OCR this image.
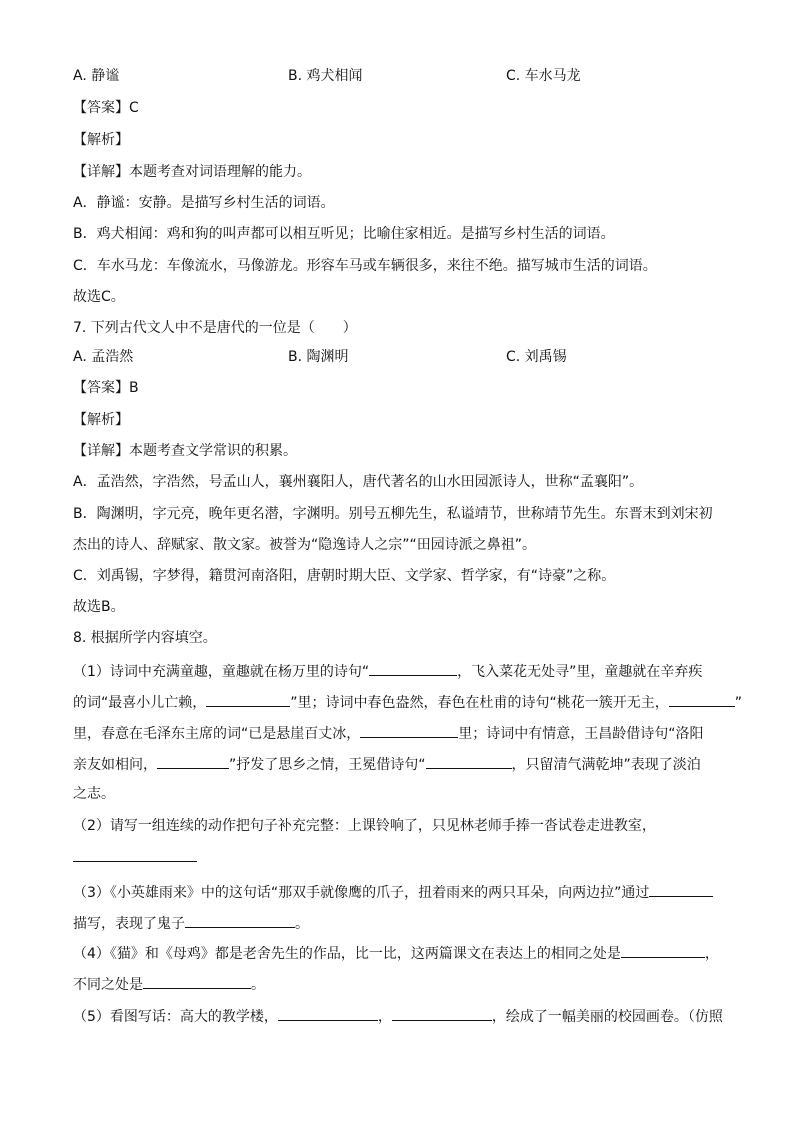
A. 静谧	B. 鸡犬相闻	C. 车水马龙
【答案】C
【解析】
【详解】本题考查对词语理解的能力。
A．静谧：安静。是描写乡村生活的词语。
B．鸡犬相闻：鸡和狗的叫声都可以相互听见；比喻住家相近。是描写乡村生活的词语。
C．车水马龙：车像流水，马像游龙。形容车马或车辆很多，来往不绝。描写城市生活的词语。
故选C。
7. 下列古代文人中不是唐代的一位是（　　）
A. 孟浩然	B. 陶渊明	C. 刘禹锡
【答案】B
【解析】
【详解】本题考查文学常识的积累。
A．孟浩然，字浩然，号孟山人，襄州襄阳人，唐代著名的山水田园派诗人，世称“孟襄阳”。
B．陶渊明，字元亮，晚年更名潜，字渊明。别号五柳先生，私谥靖节，世称靖节先生。东晋末到刘宋初
杰出的诗人、辞赋家、散文家。被誉为“隐逸诗人之宗”“田园诗派之鼻祖”。
C．刘禹锡，字梦得，籍贯河南洛阳，唐朝时期大臣、文学家、哲学家，有“诗豪”之称。
故选B。
8. 根据所学内容填空。
（1）诗词中充满童趣，童趣就在杨万里的诗句“	，飞入菜花无处寻”里，童趣就在辛弃疾
的词“最喜小儿亡赖，	”里；诗词中春色盎然，春色在杜甫的诗句“桃花一簇开无主，	”
里，春意在毛泽东主席的词“已是悬崖百丈冰，	里；诗词中有情意，王昌龄借诗句“洛阳
亲友如相问，	”抒发了思乡之情，王冕借诗句“	，只留清气满乾坤”表现了淡泊
之志。
（2）请写一组连续的动作把句子补充完整：上课铃响了，只见林老师手捧一沓试卷走进教室，
（3）《小英雄雨来》中的这句话“那双手就像鹰的爪子，扭着雨来的两只耳朵，向两边拉”通过
描写，表现了鬼子	。
（4）《猫》和《母鸡》都是老舍先生的作品，比一比，这两篇课文在表达上的相同之处是	，
不同之处是	。
（5）看图写话：高大的教学楼，	，	，绘成了一幅美丽的校园画卷。（仿照
